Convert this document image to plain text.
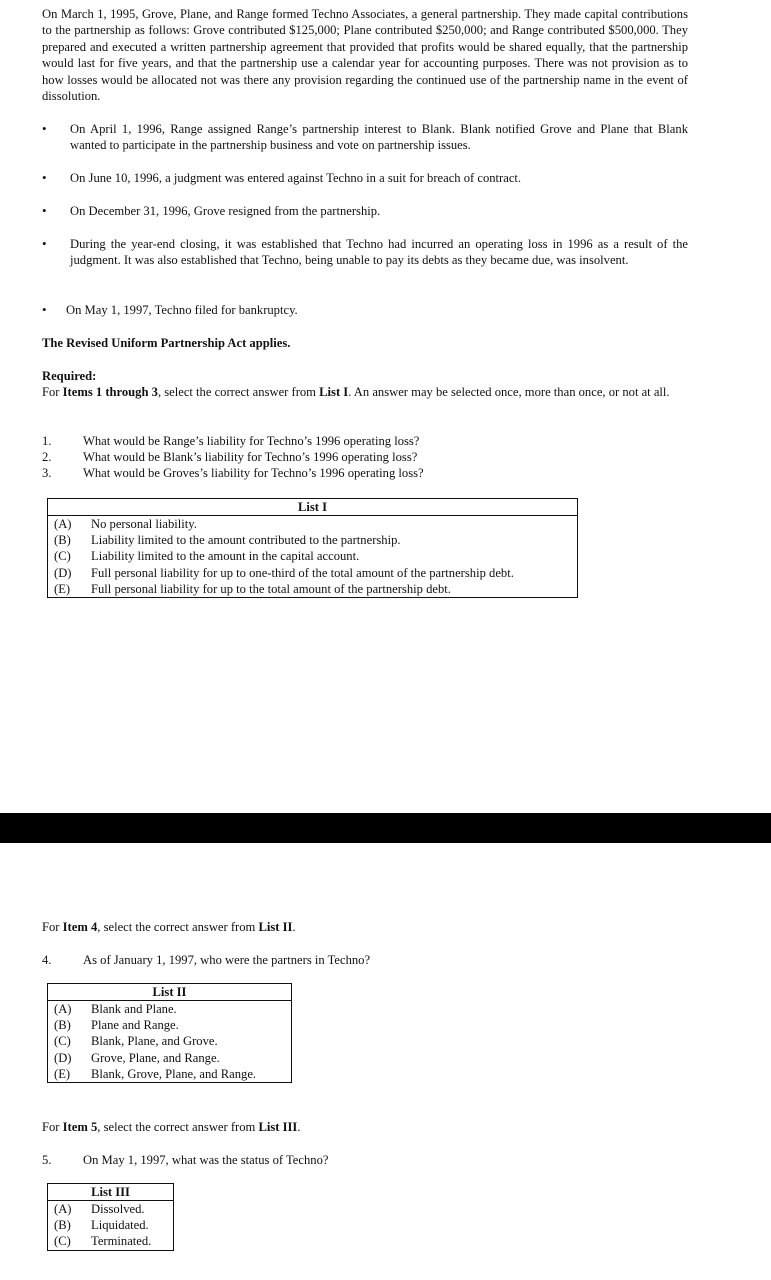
On March 1, 1995, Grove, Plane, and Range formed Techno Associates, a general partnership. They made capital contributions to the partnership as follows: Grove contributed $125,000; Plane contributed $250,000; and Range contributed $500,000. They prepared and executed a written partnership agreement that provided that profits would be shared equally, that the partnership would last for five years, and that the partnership use a calendar year for accounting purposes. There was not provision as to how losses would be allocated not was there any provision regarding the continued use of the partnership name in the event of dissolution.

• On April 1, 1996, Range assigned Range’s partnership interest to Blank. Blank notified Grove and Plane that Blank wanted to participate in the partnership business and vote on partnership issues.
• On June 10, 1996, a judgment was entered against Techno in a suit for breach of contract.
• On December 31, 1996, Grove resigned from the partnership.
• During the year-end closing, it was established that Techno had incurred an operating loss in 1996 as a result of the judgment. It was also established that Techno, being unable to pay its debts as they became due, was insolvent.
• On May 1, 1997, Techno filed for bankruptcy.
The Revised Uniform Partnership Act applies.
Required:
For Items 1 through 3, select the correct answer from List I. An answer may be selected once, more than once, or not at all.
1.	What would be Range’s liability for Techno’s 1996 operating loss?
2.	What would be Blank’s liability for Techno’s 1996 operating loss?
3.	What would be Groves’s liability for Techno’s 1996 operating loss?
List I
(A) No personal liability.
(B) Liability limited to the amount contributed to the partnership.
(C) Liability limited to the amount in the capital account.
(D) Full personal liability for up to one-third of the total amount of the partnership debt.
(E) Full personal liability for up to the total amount of the partnership debt.
For Item 4, select the correct answer from List II.
4.	As of January 1, 1997, who were the partners in Techno?
List II
(A) Blank and Plane.
(B) Plane and Range.
(C) Blank, Plane, and Grove.
(D) Grove, Plane, and Range.
(E) Blank, Grove, Plane, and Range.
For Item 5, select the correct answer from List III.
5.	On May 1, 1997, what was the status of Techno?
List III
(A) Dissolved.
(B) Liquidated.
(C) Terminated.
